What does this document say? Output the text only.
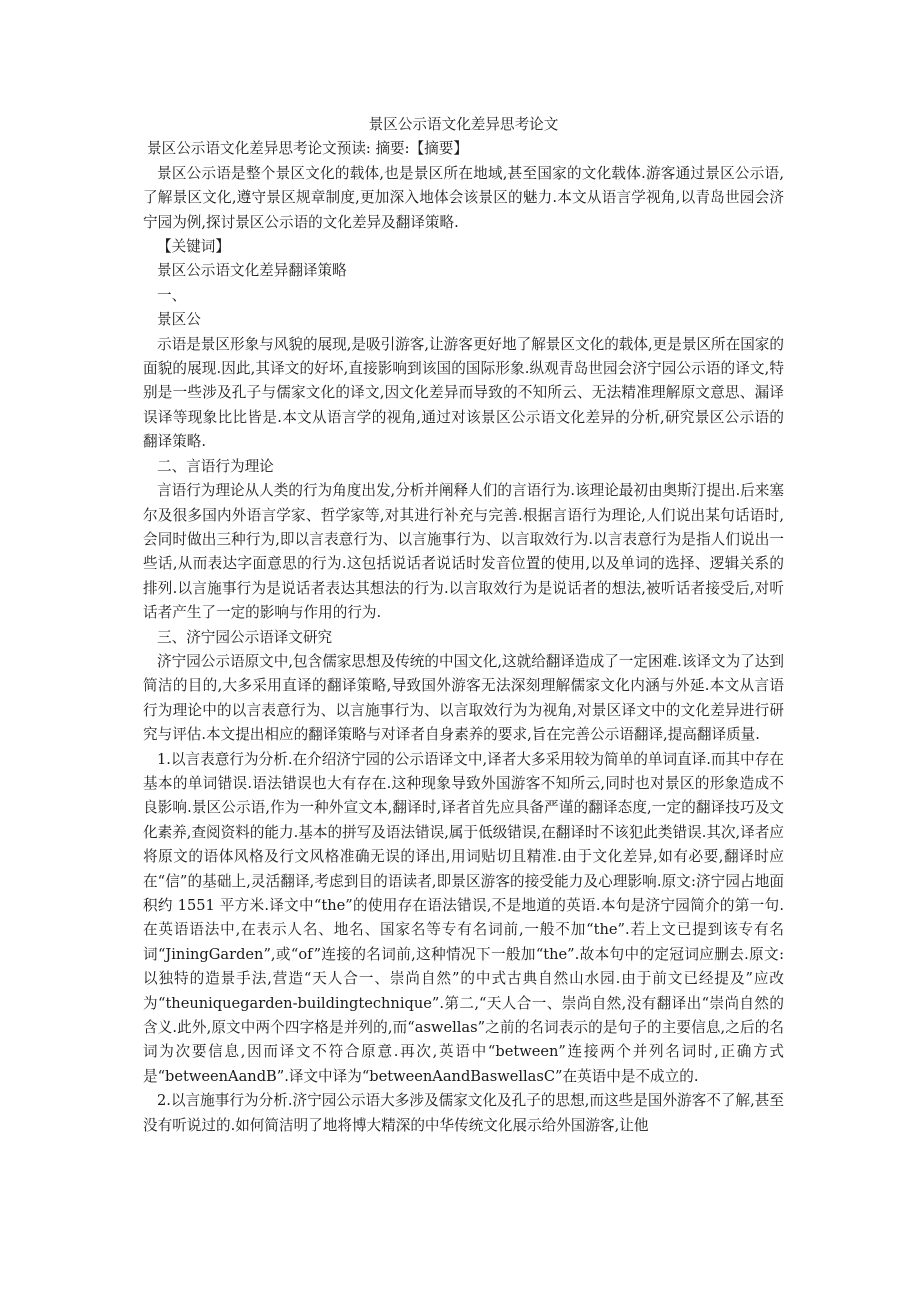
景区公示语文化差异思考论文

景区公示语文化差异思考论文预读: 摘要:【摘要】

景区公示语是整个景区文化的载体,也是景区所在地域,甚至国家的文化载体.游客通过景区公示语,了解景区文化,遵守景区规章制度,更加深入地体会该景区的魅力.本文从语言学视角,以青岛世园会济宁园为例,探讨景区公示语的文化差异及翻译策略.

【关键词】

景区公示语文化差异翻译策略

一、

景区公

示语是景区形象与风貌的展现,是吸引游客,让游客更好地了解景区文化的载体,更是景区所在国家的面貌的展现.因此,其译文的好坏,直接影响到该国的国际形象.纵观青岛世园会济宁园公示语的译文,特别是一些涉及孔子与儒家文化的译文,因文化差异而导致的不知所云、无法精准理解原文意思、漏译误译等现象比比皆是.本文从语言学的视角,通过对该景区公示语文化差异的分析,研究景区公示语的翻译策略.

二、言语行为理论

言语行为理论从人类的行为角度出发,分析并阐释人们的言语行为.该理论最初由奥斯汀提出.后来塞尔及很多国内外语言学家、哲学家等,对其进行补充与完善.根据言语行为理论,人们说出某句话语时,会同时做出三种行为,即以言表意行为、以言施事行为、以言取效行为.以言表意行为是指人们说出一些话,从而表达字面意思的行为.这包括说话者说话时发音位置的使用,以及单词的选择、逻辑关系的排列.以言施事行为是说话者表达其想法的行为.以言取效行为是说话者的想法,被听话者接受后,对听话者产生了一定的影响与作用的行为.

三、济宁园公示语译文研究

济宁园公示语原文中,包含儒家思想及传统的中国文化,这就给翻译造成了一定困难.该译文为了达到简洁的目的,大多采用直译的翻译策略,导致国外游客无法深刻理解儒家文化内涵与外延.本文从言语行为理论中的以言表意行为、以言施事行为、以言取效行为为视角,对景区译文中的文化差异进行研究与评估.本文提出相应的翻译策略与对译者自身素养的要求,旨在完善公示语翻译,提高翻译质量.

1.以言表意行为分析.在介绍济宁园的公示语译文中,译者大多采用较为简单的单词直译.而其中存在基本的单词错误.语法错误也大有存在.这种现象导致外国游客不知所云,同时也对景区的形象造成不良影响.景区公示语,作为一种外宣文本,翻译时,译者首先应具备严谨的翻译态度,一定的翻译技巧及文化素养,查阅资料的能力.基本的拼写及语法错误,属于低级错误,在翻译时不该犯此类错误.其次,译者应将原文的语体风格及行文风格准确无误的译出,用词贴切且精准.由于文化差异,如有必要,翻译时应在“信”的基础上,灵活翻译,考虑到目的语读者,即景区游客的接受能力及心理影响.原文:济宁园占地面积约 1551 平方米.译文中“the”的使用存在语法错误,不是地道的英语.本句是济宁园简介的第一句.在英语语法中,在表示人名、地名、国家名等专有名词前,一般不加“the”.若上文已提到该专有名词“JiningGarden”,或“of”连接的名词前,这种情况下一般加“the”.故本句中的定冠词应删去.原文:以独特的造景手法,营造“天人合一、崇尚自然”的中式古典自然山水园.由于前文已经提及”应改为“theuniquegarden-buildingtechnique”.第二,“天人合一、崇尚自然,没有翻译出“崇尚自然的含义.此外,原文中两个四字格是并列的,而“aswellas”之前的名词表示的是句子的主要信息,之后的名词为次要信息,因而译文不符合原意.再次,英语中“between”连接两个并列名词时,正确方式是“betweenAandB”.译文中译为“betweenAandBaswellasC”在英语中是不成立的.

2.以言施事行为分析.济宁园公示语大多涉及儒家文化及孔子的思想,而这些是国外游客不了解,甚至没有听说过的.如何简洁明了地将博大精深的中华传统文化展示给外国游客,让他
